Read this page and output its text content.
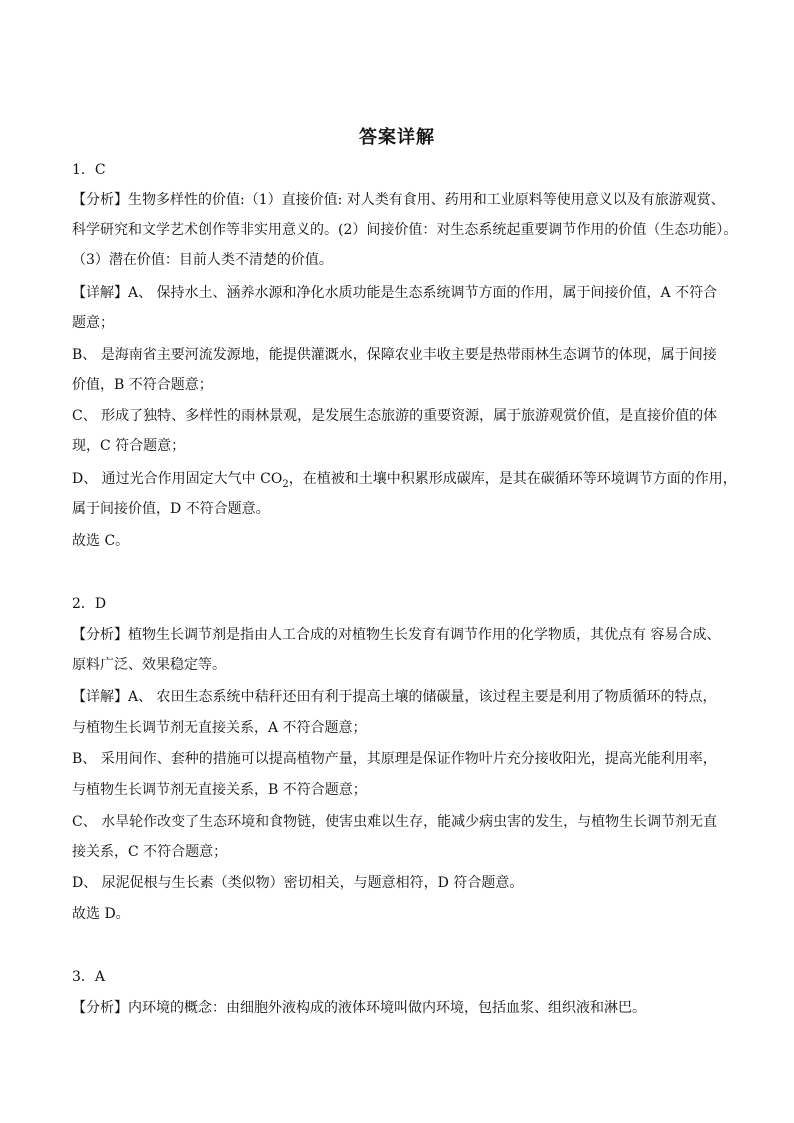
答案详解
1．C
【分析】生物多样性的价值:（1）直接价值: 对人类有食用、药用和工业原料等使用意义以及有旅游观赏、
科学研究和文学艺术创作等非实用意义的。(2）间接价值：对生态系统起重要调节作用的价值（生态功能）。
（3）潜在价值：目前人类不清楚的价值。
【详解】A、 保持水土、涵养水源和净化水质功能是生态系统调节方面的作用，属于间接价值，A 不符合
题意；
B、 是海南省主要河流发源地，能提供灌溉水，保障农业丰收主要是热带雨林生态调节的体现，属于间接
价值，B 不符合题意；
C、 形成了独特、多样性的雨林景观，是发展生态旅游的重要资源，属于旅游观赏价值，是直接价值的体
现，C 符合题意；
D、 通过光合作用固定大气中 $CO_2$，在植被和土壤中积累形成碳库，是其在碳循环等环境调节方面的作用，
属于间接价值，D 不符合题意。
故选 C。
2．D
【分析】植物生长调节剂是指由人工合成的对植物生长发育有调节作用的化学物质，其优点有 容易合成、
原料广泛、效果稳定等。
【详解】A、 农田生态系统中秸秆还田有利于提高土壤的储碳量，该过程主要是利用了物质循环的特点，
与植物生长调节剂无直接关系，A 不符合题意；
B、 采用间作、套种的措施可以提高植物产量，其原理是保证作物叶片充分接收阳光，提高光能利用率，
与植物生长调节剂无直接关系，B 不符合题意；
C、 水旱轮作改变了生态环境和食物链，使害虫难以生存，能减少病虫害的发生，与植物生长调节剂无直
接关系，C 不符合题意；
D、 尿泥促根与生长素（类似物）密切相关，与题意相符，D 符合题意。
故选 D。
3．A
【分析】内环境的概念：由细胞外液构成的液体环境叫做内环境，包括血浆、组织液和淋巴。
